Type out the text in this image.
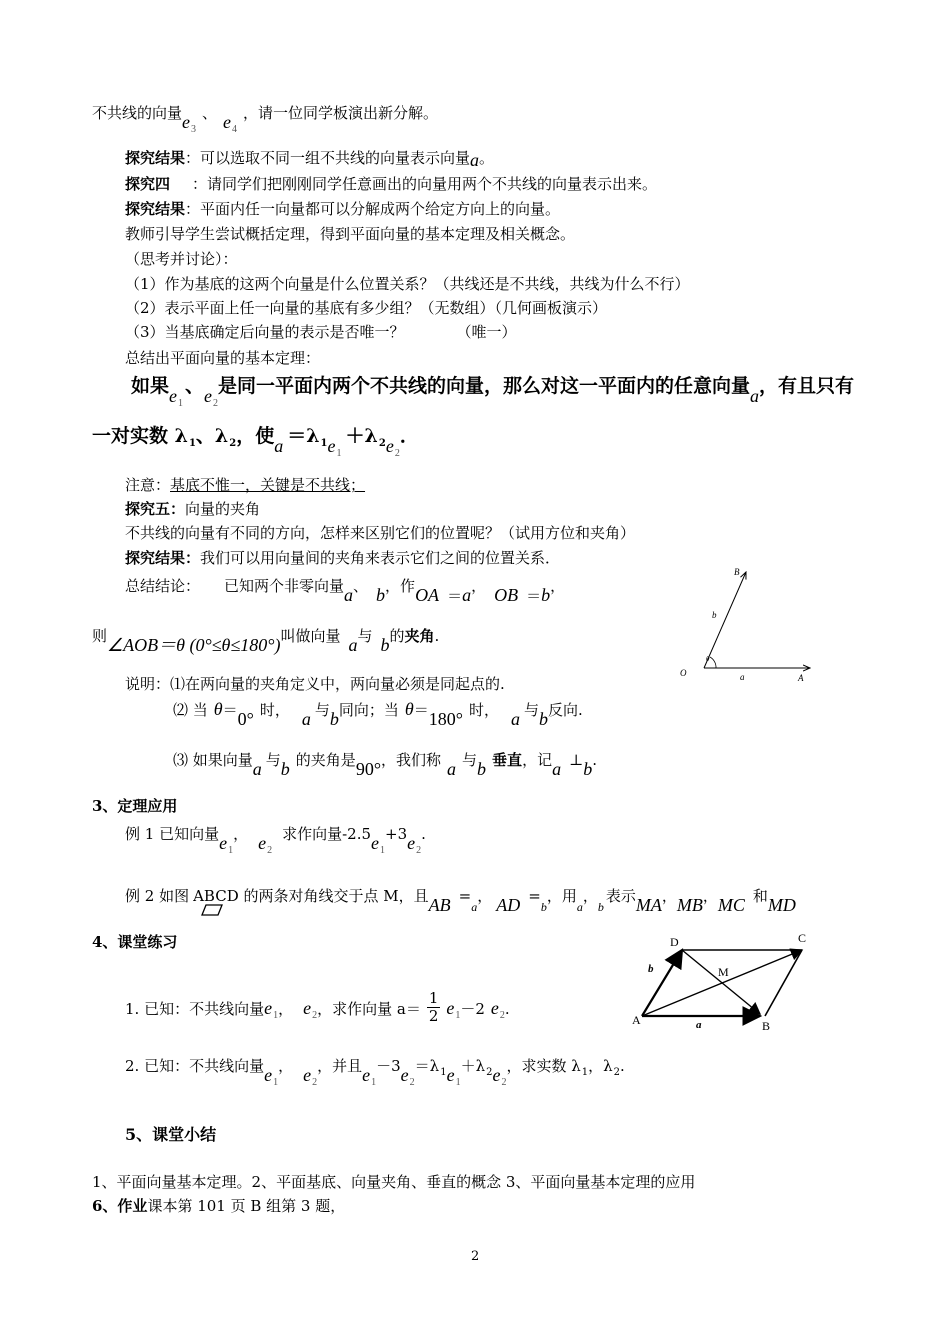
不共线的向量$e_3$、 $e_4$，请一位同学板演出新分解。
探究结果：可以选取不同一组不共线的向量表示向量a。
探究四 ：请同学们把刚刚同学任意画出的向量用两个不共线的向量表示出来。
探究结果：平面内任一向量都可以分解成两个给定方向上的向量。
教师引导学生尝试概括定理，得到平面向量的基本定理及相关概念。
（思考并讨论）：
（1）作为基底的这两个向量是什么位置关系？（共线还是不共线，共线为什么不行）
（2）表示平面上任一向量的基底有多少组？（无数组）（几何画板演示）
（3）当基底确定后向量的表示是否唯一？	（唯一）
总结出平面向量的基本定理：
如果$e_1$、$e_2$是同一平面内两个不共线的向量，那么对这一平面内的任意向量a，有且只有
一对实数 $\lambda_1$、$\lambda_2$，使$a =\lambda_1e_1+\lambda_2e_2$．
注意：基底不惟一，关键是不共线；
探究五：向量的夹角
不共线的向量有不同的方向，怎样来区别它们的位置呢？（试用方位和夹角）
探究结果：我们可以用向量间的夹角来表示它们之间的位置关系．
总结结论： 已知两个非零向量a、 b，作OA ＝a， OB ＝b，
则∠AOB＝θ (0°≤θ≤180°)叫做向量 a与 b的夹角.
说明：⑴在两向量的夹角定义中，两向量必须是同起点的.
⑵ 当 θ＝0° 时， a 与b同向；当 θ＝180° 时， a 与b反向.
⑶ 如果向量a 与b 的夹角是90°，我们称 a 与b 垂直，记a ⊥b.
3、定理应用
例 1 已知向量$e_1$， $e_2$求作向量$-2.5e_1+3e_2$.
例 2 如图 ABCD 的两条对角线交于点 M，且AB $=_a$， AD $=_b$，用$_a$，$_b$表示MA，MB，MC 和MD
4、课堂练习
1. 已知：不共线向量$e_1$， $e_2$，求作向量 $a= \frac{1}{2} e_1-2$ $e_2$.
2. 已知：不共线向量$e_1$， $e_2$，并且$e_1-3e_2=\lambda_1e_1+\lambda_2e_2$，求实数 $\lambda_1$，$\lambda_2$.
5、课堂小结
1、平面向量基本定理。2、平面基底、向量夹角、垂直的概念 3、平面向量基本定理的应用
6、作业课本第 101 页 B 组第 3 题，
2
B
b
O
θ
a	A
D	C
A	B
M
b
a
